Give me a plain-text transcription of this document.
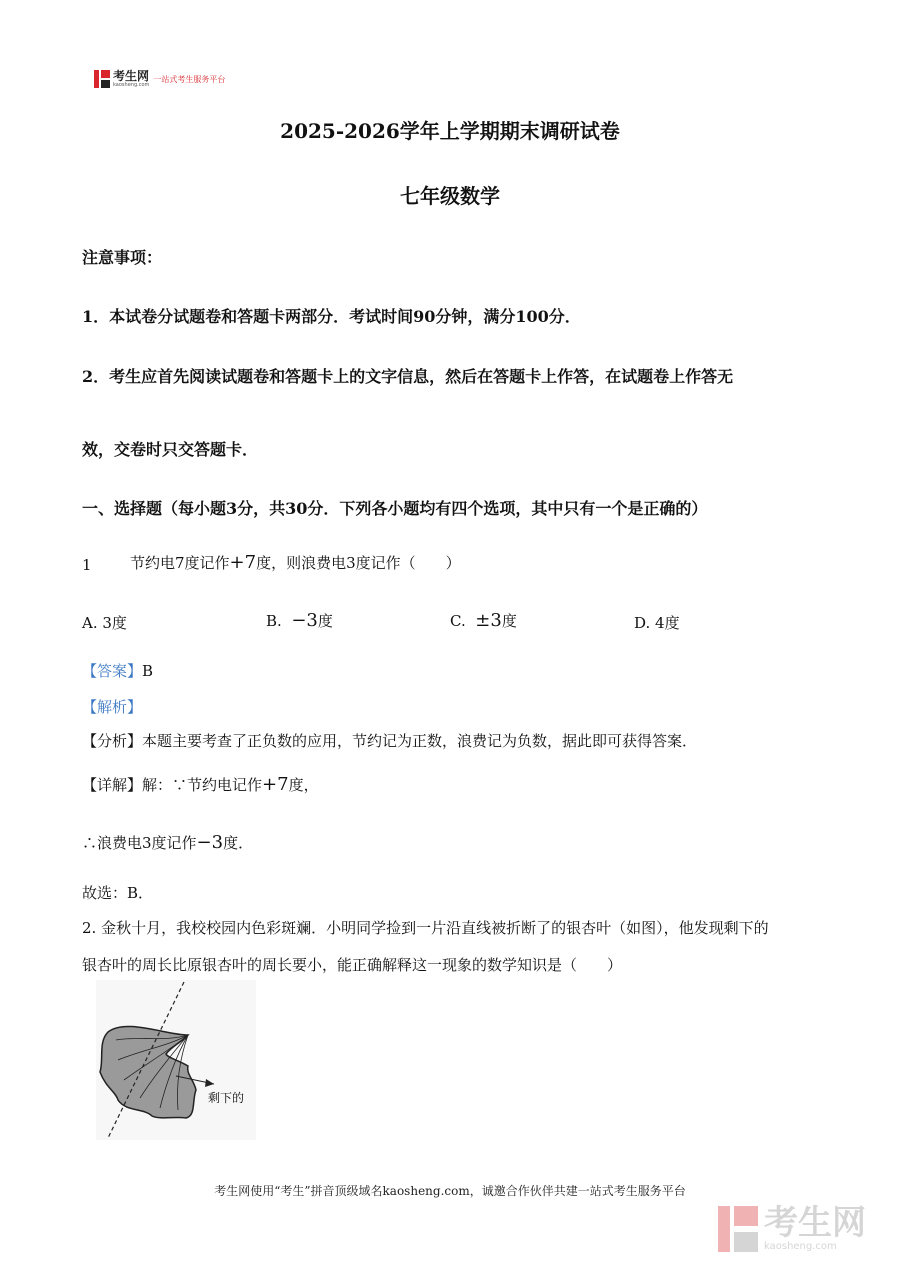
考生网
kaosheng.com
一站式考生服务平台
2025-2026学年上学期期末调研试卷
七年级数学
注意事项：
1．本试卷分试题卷和答题卡两部分．考试时间90分钟，满分100分．
2．考生应首先阅读试题卷和答题卡上的文字信息，然后在答题卡上作答，在试题卷上作答无
效，交卷时只交答题卡．
一、选择题（每小题3分，共30分．下列各小题均有四个选项，其中只有一个是正确的）
1	节约电7度记作+7度，则浪费电3度记作（　　）
A. 3度	B. −3度	C. ±3度	D. 4度
【答案】B
【解析】
【分析】本题主要考查了正负数的应用，节约记为正数，浪费记为负数，据此即可获得答案．
【详解】解：∵节约电记作+7度，
∴浪费电3度记作−3度．
故选：B．
2. 金秋十月，我校校园内色彩斑斓．小明同学捡到一片沿直线被折断了的银杏叶（如图），他发现剩下的
银杏叶的周长比原银杏叶的周长要小，能正确解释这一现象的数学知识是（　　）
剩下的
考生网使用“考生”拼音顶级域名kaosheng.com，诚邀合作伙伴共建一站式考生服务平台
考生网
kaosheng.com
